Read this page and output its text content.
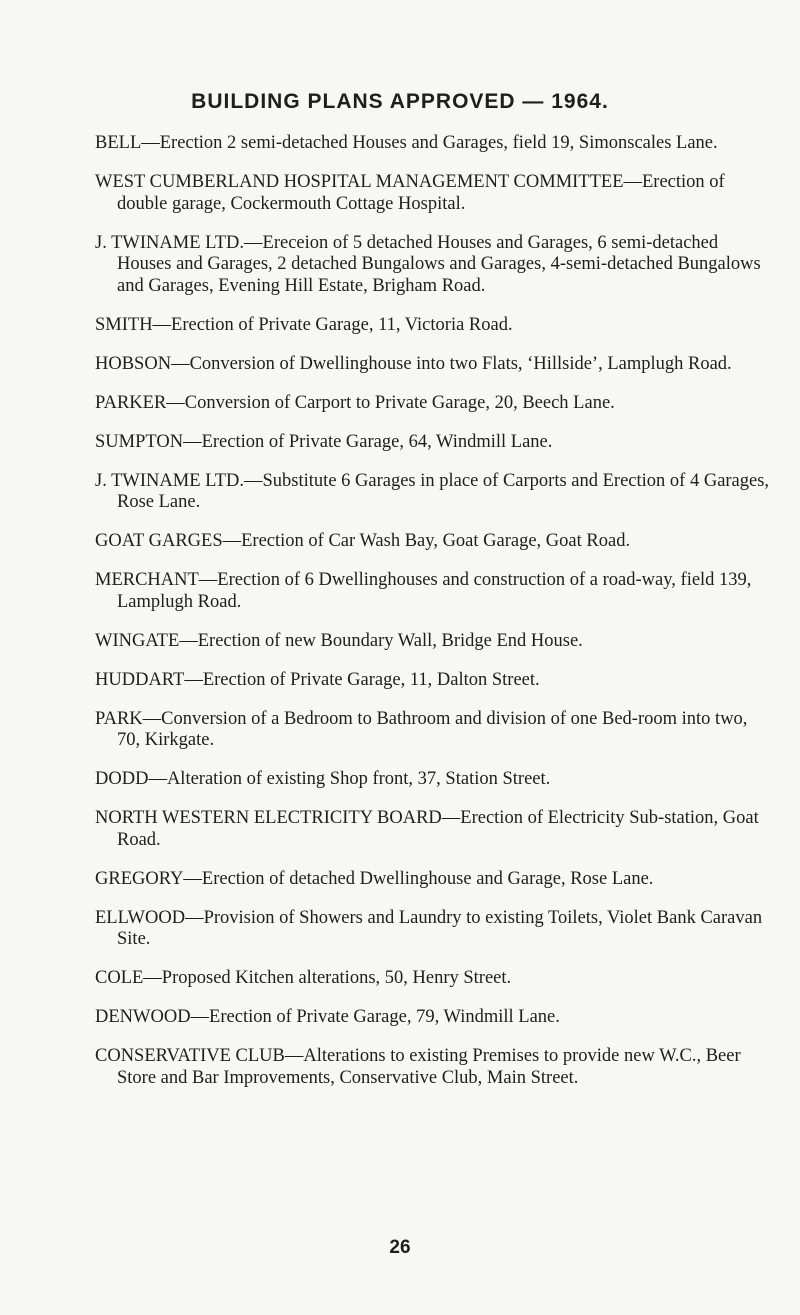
BUILDING PLANS APPROVED — 1964.

BELL—Erection 2 semi-detached Houses and Garages, field 19, Simonscales Lane.

WEST CUMBERLAND HOSPITAL MANAGEMENT COMMITTEE—Erection of double garage, Cockermouth Cottage Hospital.

J. TWINAME LTD.—Ereceion of 5 detached Houses and Garages, 6 semi-detached Houses and Garages, 2 detached Bungalows and Garages, 4-semi-detached Bungalows and Garages, Evening Hill Estate, Brigham Road.

SMITH—Erection of Private Garage, 11, Victoria Road.

HOBSON—Conversion of Dwellinghouse into two Flats, ‘Hillside’, Lamplugh Road.

PARKER—Conversion of Carport to Private Garage, 20, Beech Lane.

SUMPTON—Erection of Private Garage, 64, Windmill Lane.

J. TWINAME LTD.—Substitute 6 Garages in place of Carports and Erection of 4 Garages, Rose Lane.

GOAT GARGES—Erection of Car Wash Bay, Goat Garage, Goat Road.

MERCHANT—Erection of 6 Dwellinghouses and construction of a road-way, field 139, Lamplugh Road.

WINGATE—Erection of new Boundary Wall, Bridge End House.

HUDDART—Erection of Private Garage, 11, Dalton Street.

PARK—Conversion of a Bedroom to Bathroom and division of one Bed-room into two, 70, Kirkgate.

DODD—Alteration of existing Shop front, 37, Station Street.

NORTH WESTERN ELECTRICITY BOARD—Erection of Electricity Sub-station, Goat Road.

GREGORY—Erection of detached Dwellinghouse and Garage, Rose Lane.

ELLWOOD—Provision of Showers and Laundry to existing Toilets, Violet Bank Caravan Site.

COLE—Proposed Kitchen alterations, 50, Henry Street.

DENWOOD—Erection of Private Garage, 79, Windmill Lane.

CONSERVATIVE CLUB—Alterations to existing Premises to provide new W.C., Beer Store and Bar Improvements, Conservative Club, Main Street.

26
